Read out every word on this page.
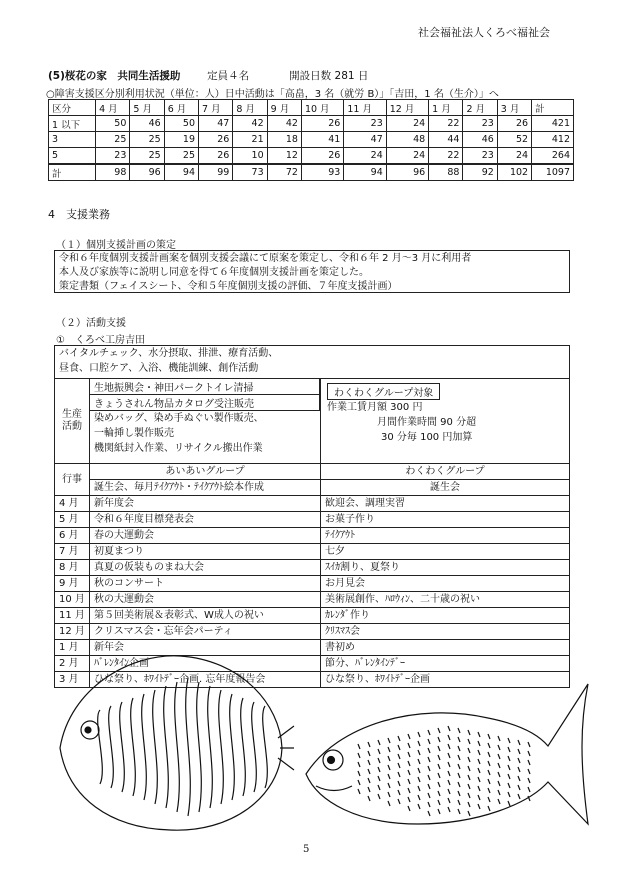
社会福祉法人くろべ福祉会
(5)桜花の家　共同生活援助	定員４名	開設日数 281 日
○障害支援区分別利用状況（単位：人）日中活動は「高畠，3 名（就労 B）」「吉田，1 名（生介）」へ
区分	4 月	5 月	6 月	7 月	8 月	9 月	10 月	11 月	12 月	1 月	2 月	3 月	計
1 以下	50	46	50	47	42	42	26	23	24	22	23	26	421
3	25	25	19	26	21	18	41	47	48	44	46	52	412
5	23	25	25	26	10	12	26	24	24	22	23	24	264
計	98	96	94	99	73	72	93	94	96	88	92	102	1097
4　支援業務
（１）個別支援計画の策定
令和６年度個別支援計画案を個別支援会議にて原案を策定し、令和６年 2 月～3 月に利用者
本人及び家族等に説明し同意を得て６年度個別支援計画を策定した。
策定書類（フェイスシート、令和５年度個別支援の評価、７年度支援計画）
（２）活動支援
①　くろべ工房吉田
バイタルチェック、水分摂取、排泄、療育活動、
昼食、口腔ケア、入浴、機能訓練、創作活動

生産活動	
生地振興会・神田パークトイレ清掃
きょうされん物品カタログ受注販売

染めバッグ、染め手ぬぐい製作販売、
一輪挿し製作販売
機関紙封入作業、リサイクル搬出作業
	わくわくグループ対象
作業工賃月額 300 円
月間作業時間 90 分超
30 分毎 100 円加算

行事	あいあいグループ	わくわくグループ
誕生会、毎月ﾃｲｸｱｳﾄ・ﾃｲｸｱｳﾄ絵本作成	誕生会
4 月	新年度会	歓迎会、調理実習
5 月	令和６年度目標発表会	お菓子作り
6 月	春の大運動会	ﾃｲｸｱｳﾄ
7 月	初夏まつり	七夕
8 月	真夏の仮装ものまね大会	ｽｲｶ割り、夏祭り
9 月	秋のコンサート	お月見会
10 月	秋の大運動会	美術展創作、ﾊﾛｳｨﾝ、二十歳の祝い
11 月	第５回美術展＆表彰式、W成人の祝い	ｶﾚﾝﾀﾞ作り
12 月	クリスマス会・忘年会パーティ	ｸﾘｽﾏｽ会
1 月	新年会	書初め
2 月	ﾊﾞﾚﾝﾀｲﾝ企画	節分、ﾊﾞﾚﾝﾀｲﾝﾃﾞｰ
3 月	ひな祭り、ﾎﾜｲﾄﾃﾞｰ企画. 忘年度報告会	ひな祭り、ﾎﾜｲﾄﾃﾞｰ企画
5
